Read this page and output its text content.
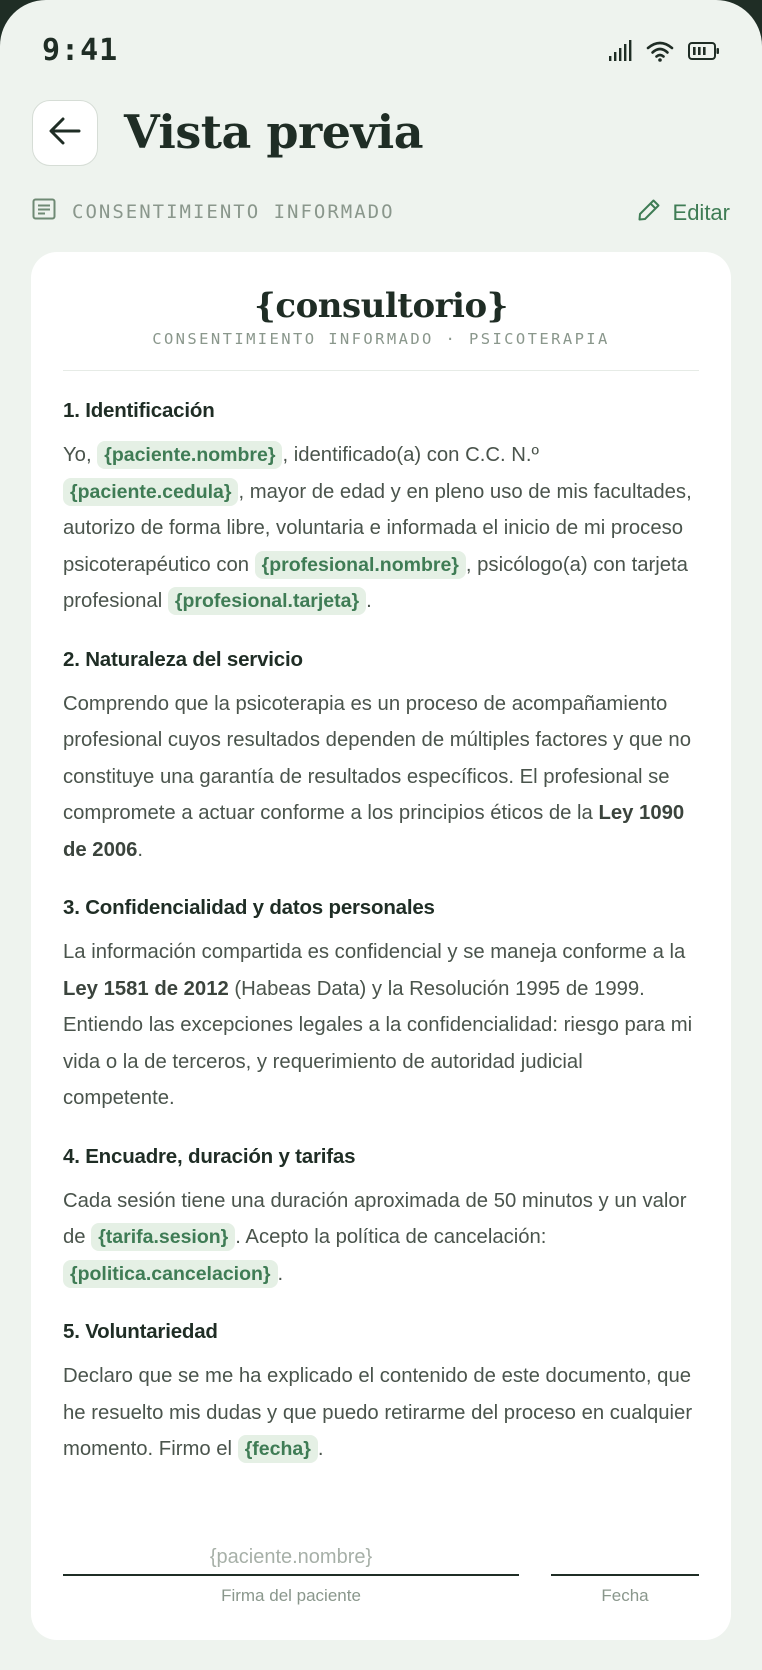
9:41
Vista previa
CONSENTIMIENTO INFORMADO	Editar
{consultorio}
CONSENTIMIENTO INFORMADO · PSICOTERAPIA
1. Identificación
Yo, {paciente.nombre} , identificado(a) con C.C. N.º {paciente.cedula} , mayor de edad y en pleno uso de mis facultades, autorizo de forma libre, voluntaria e informada el inicio de mi proceso psicoterapéutico con {profesional.nombre} , psicólogo(a) con tarjeta profesional {profesional.tarjeta} .
2. Naturaleza del servicio
Comprendo que la psicoterapia es un proceso de acompañamiento profesional cuyos resultados dependen de múltiples factores y que no constituye una garantía de resultados específicos. El profesional se compromete a actuar conforme a los principios éticos de la Ley 1090 de 2006.
3. Confidencialidad y datos personales
La información compartida es confidencial y se maneja conforme a la Ley 1581 de 2012 (Habeas Data) y la Resolución 1995 de 1999. Entiendo las excepciones legales a la confidencialidad: riesgo para mi vida o la de terceros, y requerimiento de autoridad judicial competente.
4. Encuadre, duración y tarifas
Cada sesión tiene una duración aproximada de 50 minutos y un valor de {tarifa.sesion} . Acepto la política de cancelación: {politica.cancelacion} .
5. Voluntariedad
Declaro que se me ha explicado el contenido de este documento, que he resuelto mis dudas y que puedo retirarme del proceso en cualquier momento. Firmo el {fecha} .
{paciente.nombre}
Firma del paciente	Fecha
